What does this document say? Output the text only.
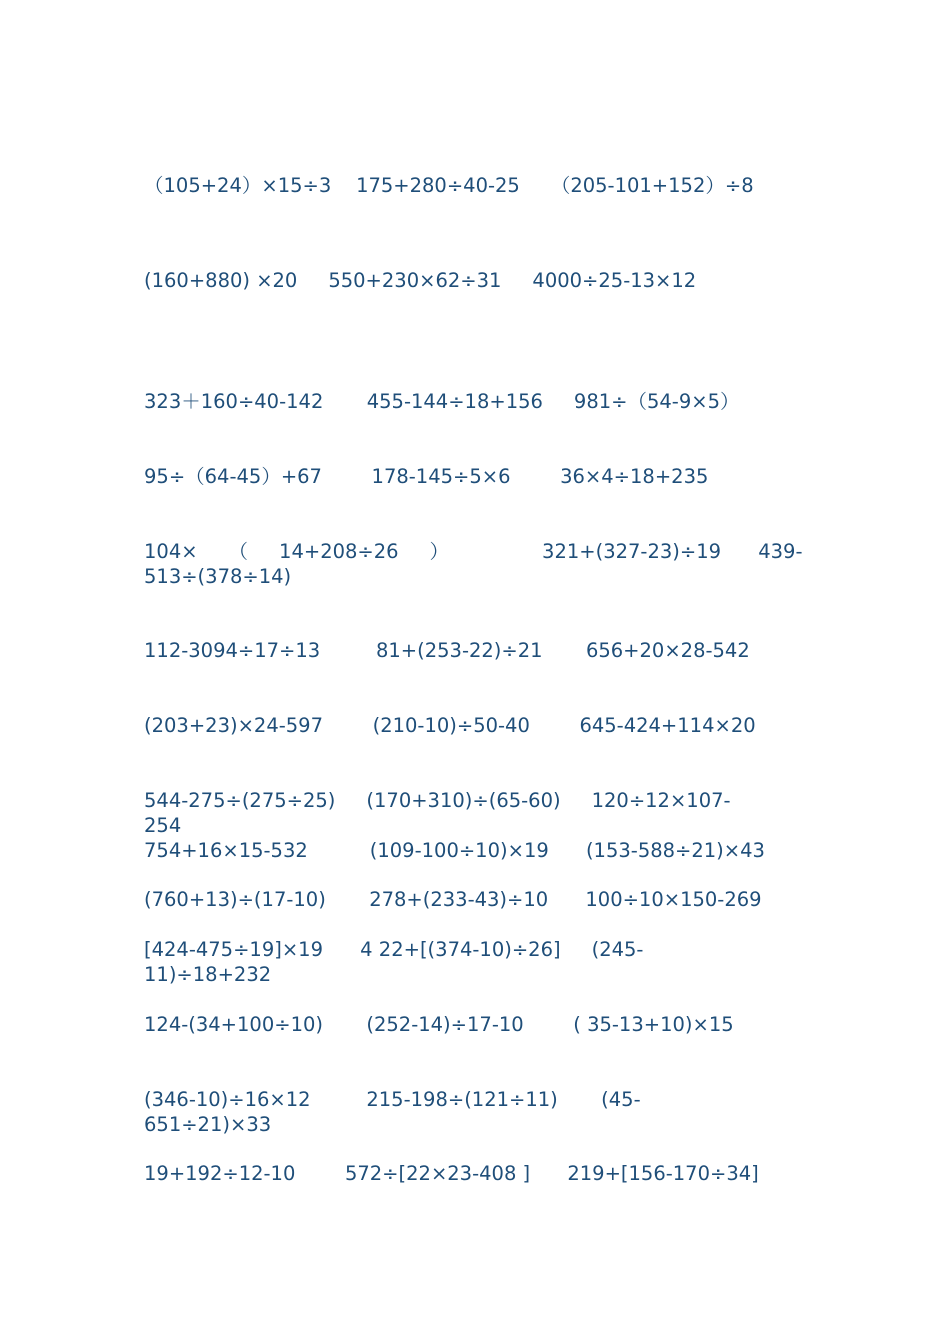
（105+24）×15÷3    175+280÷40-25     （205-101+152）÷8
(160+880) ×20     550+230×62÷31     4000÷25-13×12
323＋160÷40-142       455-144÷18+156     981÷（54-9×5）
95÷（64-45）+67        178-145÷5×6        36×4÷18+235
104×     （     14+208÷26     ）               321+(327-23)÷19      439-
513÷(378÷14)
112-3094÷17÷13         81+(253-22)÷21       656+20×28-542
(203+23)×24-597        (210-10)÷50-40        645-424+114×20
544-275÷(275÷25)     (170+310)÷(65-60)     120÷12×107-
254
754+16×15-532          (109-100÷10)×19      (153-588÷21)×43
(760+13)÷(17-10)       278+(233-43)÷10      100÷10×150-269
[424-475÷19]×19      4 22+[(374-10)÷26]     (245-
11)÷18+232
124-(34+100÷10)       (252-14)÷17-10        ( 35-13+10)×15
(346-10)÷16×12         215-198÷(121÷11)       (45-
651÷21)×33
19+192÷12-10        572÷[22×23-408 ]      219+[156-170÷34]
